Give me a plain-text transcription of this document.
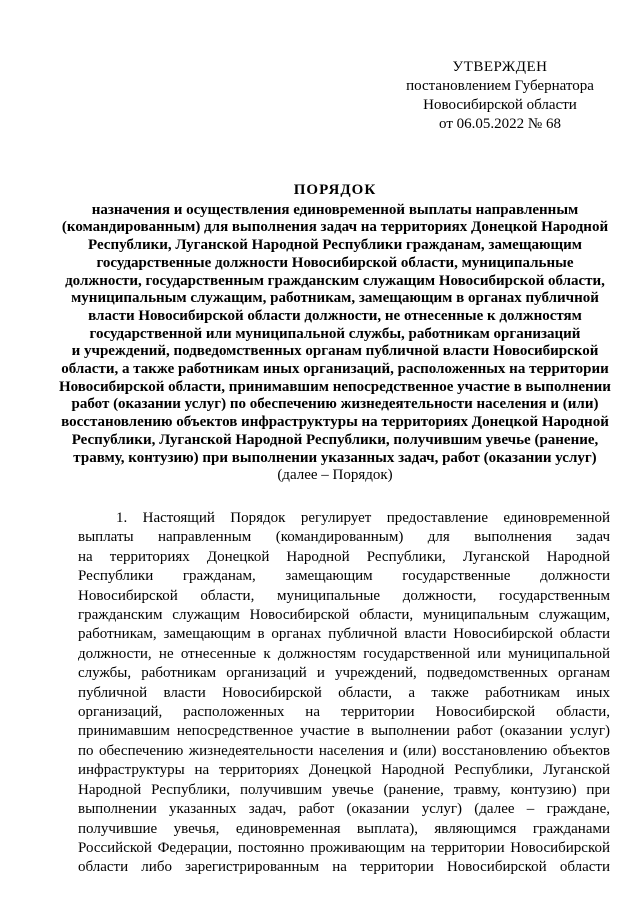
УТВЕРЖДЕН
постановлением Губернатора
Новосибирской области
от 06.05.2022 № 68
ПОРЯДОК
назначения и осуществления единовременной выплаты направленным
(командированным) для выполнения задач на территориях Донецкой Народной
Республики, Луганской Народной Республики гражданам, замещающим
государственные должности Новосибирской области, муниципальные
должности, государственным гражданским служащим Новосибирской области,
муниципальным служащим, работникам, замещающим в органах публичной
власти Новосибирской области должности, не отнесенные к должностям
государственной или муниципальной службы, работникам организаций
и учреждений, подведомственных органам публичной власти Новосибирской
области, а также работникам иных организаций, расположенных на территории
Новосибирской области, принимавшим непосредственное участие в выполнении
работ (оказании услуг) по обеспечению жизнедеятельности населения и (или)
восстановлению объектов инфраструктуры на территориях Донецкой Народной
Республики, Луганской Народной Республики, получившим увечье (ранение,
травму, контузию) при выполнении указанных задач, работ (оказании услуг)
(далее – Порядок)
1. Настоящий Порядок регулирует предоставление единовременной
выплаты направленным (командированным) для выполнения задач
на территориях Донецкой Народной Республики, Луганской Народной
Республики гражданам, замещающим государственные должности
Новосибирской области, муниципальные должности, государственным
гражданским служащим Новосибирской области, муниципальным служащим,
работникам, замещающим в органах публичной власти Новосибирской области
должности, не отнесенные к должностям государственной или муниципальной
службы, работникам организаций и учреждений, подведомственных органам
публичной власти Новосибирской области, а также работникам иных
организаций, расположенных на территории Новосибирской области,
принимавшим непосредственное участие в выполнении работ (оказании услуг)
по обеспечению жизнедеятельности населения и (или) восстановлению объектов
инфраструктуры на территориях Донецкой Народной Республики, Луганской
Народной Республики, получившим увечье (ранение, травму, контузию) при
выполнении указанных задач, работ (оказании услуг) (далее – граждане,
получившие увечья, единовременная выплата), являющимся гражданами
Российской Федерации, постоянно проживающим на территории Новосибирской
области либо зарегистрированным на территории Новосибирской области
